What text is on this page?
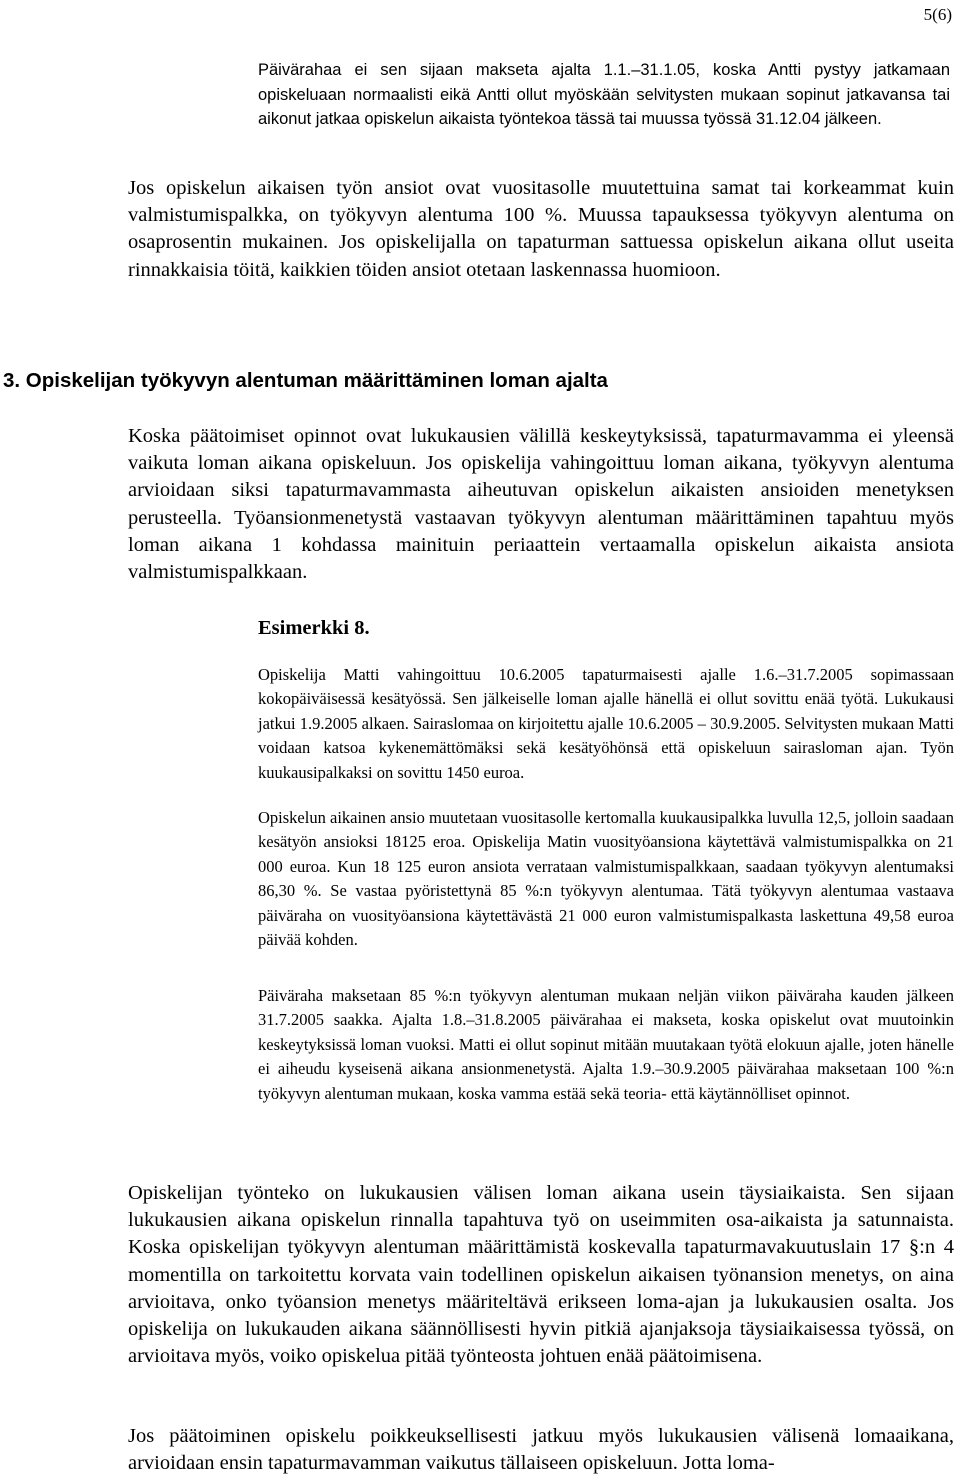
5(6)

Päivärahaa ei sen sijaan makseta ajalta 1.1.–31.1.05, koska Antti pystyy jatkamaan opiskeluaan normaalisti eikä Antti ollut myöskään selvitysten mukaan sopinut jatkavansa tai aikonut jatkaa opiskelun aikaista työntekoa tässä tai muussa työssä 31.12.04 jälkeen.

Jos opiskelun aikaisen työn ansiot ovat vuositasolle muutettuina samat tai korkeammat kuin valmistumispalkka, on työkyvyn alentuma 100 %. Muussa tapauksessa työkyvyn alentuma on osaprosentin mukainen. Jos opiskelijalla on tapaturman sattuessa opiskelun aikana ollut useita rinnakkaisia töitä, kaikkien töiden ansiot otetaan laskennassa huomioon.

3. Opiskelijan työkyvyn alentuman määrittäminen loman ajalta

Koska päätoimiset opinnot ovat lukukausien välillä keskeytyksissä, tapaturmavamma ei yleensä vaikuta loman aikana opiskeluun. Jos opiskelija vahingoittuu loman aikana, työkyvyn alentuma arvioidaan siksi tapaturmavammasta aiheutuvan opiskelun aikaisten ansioiden menetyksen perusteella. Työansionmenetystä vastaavan työkyvyn alentuman määrittäminen tapahtuu myös loman aikana 1 kohdassa mainituin periaattein vertaamalla opiskelun aikaista ansiota valmistumispalkkaan.

Esimerkki 8.

Opiskelija Matti vahingoittuu 10.6.2005 tapaturmaisesti ajalle 1.6.–31.7.2005 sopimassaan kokopäiväisessä kesätyössä. Sen jälkeiselle loman ajalle hänellä ei ollut sovittu enää työtä. Lukukausi jatkui 1.9.2005 alkaen. Sairaslomaa on kirjoitettu ajalle 10.6.2005 – 30.9.2005. Selvitysten mukaan Matti voidaan katsoa kykenemättömäksi sekä kesätyöhönsä että opiskeluun sairasloman ajan. Työn kuukausipalkaksi on sovittu 1450 euroa.

Opiskelun aikainen ansio muutetaan vuositasolle kertomalla kuukausipalkka luvulla 12,5, jolloin saadaan kesätyön ansioksi 18125 eroa. Opiskelija Matin vuosityöansiona käytettävä valmistumispalkka on 21 000 euroa. Kun 18 125 euron ansiota verrataan valmistumispalkkaan, saadaan työkyvyn alentumaksi 86,30 %. Se vastaa pyöristettynä 85 %:n työkyvyn alentumaa. Tätä työkyvyn alentumaa vastaava päiväraha on vuosityöansiona käytettävästä 21 000 euron valmistumispalkasta laskettuna 49,58 euroa päivää kohden.

Päiväraha maksetaan 85 %:n työkyvyn alentuman mukaan neljän viikon päiväraha kauden jälkeen 31.7.2005 saakka. Ajalta 1.8.–31.8.2005 päivärahaa ei makseta, koska opiskelut ovat muutoinkin keskeytyksissä loman vuoksi. Matti ei ollut sopinut mitään muutakaan työtä elokuun ajalle, joten hänelle ei aiheudu kyseisenä aikana ansionmenetystä. Ajalta 1.9.–30.9.2005 päivärahaa maksetaan 100 %:n työkyvyn alentuman mukaan, koska vamma estää sekä teoria- että käytännölliset opinnot.

Opiskelijan työnteko on lukukausien välisen loman aikana usein täysiaikaista. Sen sijaan lukukausien aikana opiskelun rinnalla tapahtuva työ on useimmiten osa-aikaista ja satunnaista. Koska opiskelijan työkyvyn alentuman määrittämistä koskevalla tapaturmavakuutuslain 17 §:n 4 momentilla on tarkoitettu korvata vain todellinen opiskelun aikaisen työnansion menetys, on aina arvioitava, onko työansion menetys määriteltävä erikseen loma-ajan ja lukukausien osalta. Jos opiskelija on lukukauden aikana säännöllisesti hyvin pitkiä ajanjaksoja täysiaikaisessa työssä, on arvioitava myös, voiko opiskelua pitää työnteosta johtuen enää päätoimisena.

Jos päätoiminen opiskelu poikkeuksellisesti jatkuu myös lukukausien välisenä lomaaikana, arvioidaan ensin tapaturmavamman vaikutus tällaiseen opiskeluun. Jotta loma-
